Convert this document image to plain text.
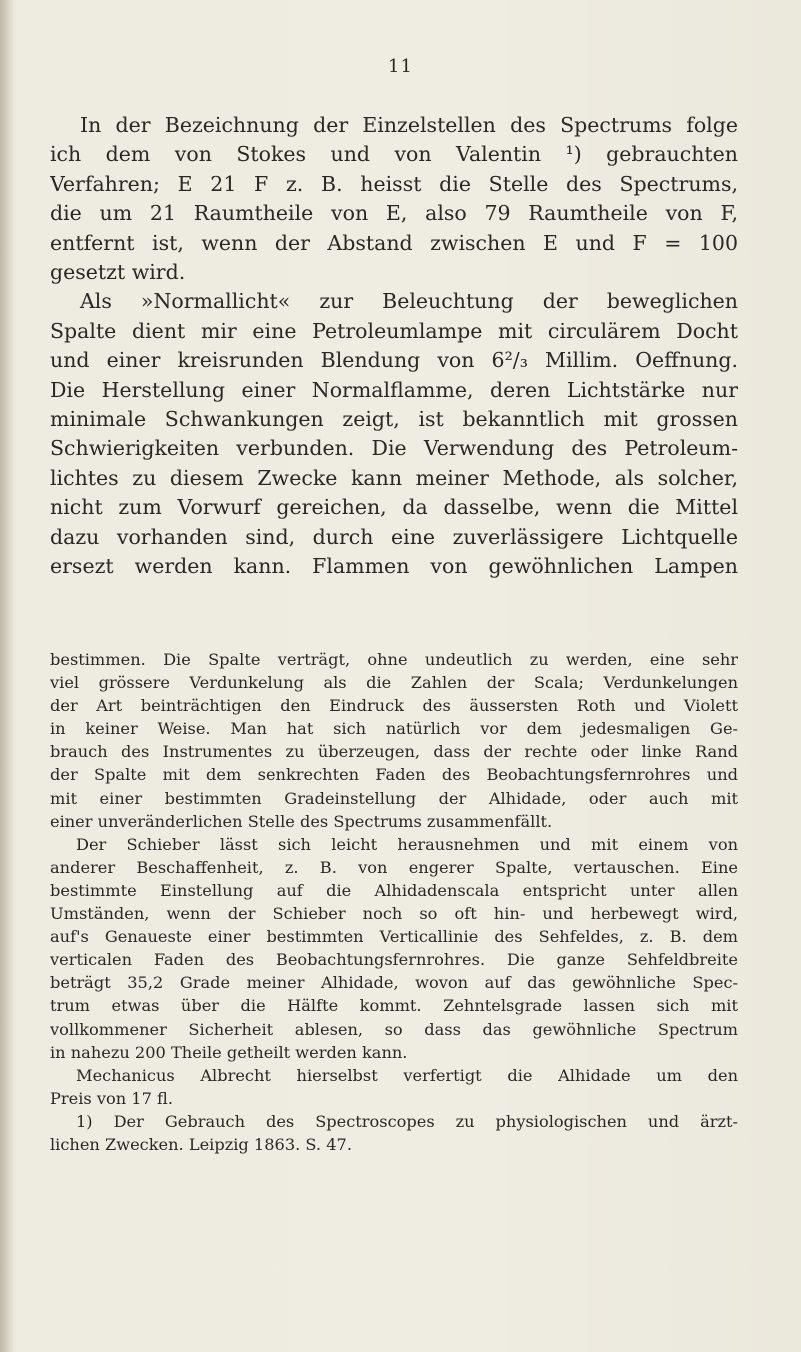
11
In der Bezeichnung der Einzelstellen des Spectrums folge
ich dem von Stokes und von Valentin ¹) gebrauchten
Verfahren; E 21 F z. B. heisst die Stelle des Spectrums,
die um 21 Raumtheile von E, also 79 Raumtheile von F,
entfernt ist, wenn der Abstand zwischen E und F = 100
gesetzt wird.
Als »Normallicht« zur Beleuchtung der beweglichen
Spalte dient mir eine Petroleumlampe mit circulärem Docht
und einer kreisrunden Blendung von 6²/₃ Millim. Oeffnung.
Die Herstellung einer Normalflamme, deren Lichtstärke nur
minimale Schwankungen zeigt, ist bekanntlich mit grossen
Schwierigkeiten verbunden. Die Verwendung des Petroleum-
lichtes zu diesem Zwecke kann meiner Methode, als solcher,
nicht zum Vorwurf gereichen, da dasselbe, wenn die Mittel
dazu vorhanden sind, durch eine zuverlässigere Lichtquelle
ersezt werden kann. Flammen von gewöhnlichen Lampen
bestimmen. Die Spalte verträgt, ohne undeutlich zu werden, eine sehr
viel grössere Verdunkelung als die Zahlen der Scala; Verdunkelungen
der Art beinträchtigen den Eindruck des äussersten Roth und Violett
in keiner Weise. Man hat sich natürlich vor dem jedesmaligen Ge-
brauch des Instrumentes zu überzeugen, dass der rechte oder linke Rand
der Spalte mit dem senkrechten Faden des Beobachtungsfernrohres und
mit einer bestimmten Gradeinstellung der Alhidade, oder auch mit
einer unveränderlichen Stelle des Spectrums zusammenfällt.
Der Schieber lässt sich leicht herausnehmen und mit einem von
anderer Beschaffenheit, z. B. von engerer Spalte, vertauschen. Eine
bestimmte Einstellung auf die Alhidadenscala entspricht unter allen
Umständen, wenn der Schieber noch so oft hin- und herbewegt wird,
auf's Genaueste einer bestimmten Verticallinie des Sehfeldes, z. B. dem
verticalen Faden des Beobachtungsfernrohres. Die ganze Sehfeldbreite
beträgt 35,2 Grade meiner Alhidade, wovon auf das gewöhnliche Spec-
trum etwas über die Hälfte kommt. Zehntelsgrade lassen sich mit
vollkommener Sicherheit ablesen, so dass das gewöhnliche Spectrum
in nahezu 200 Theile getheilt werden kann.
Mechanicus Albrecht hierselbst verfertigt die Alhidade um den
Preis von 17 fl.
1) Der Gebrauch des Spectroscopes zu physiologischen und ärzt-
lichen Zwecken. Leipzig 1863. S. 47.
